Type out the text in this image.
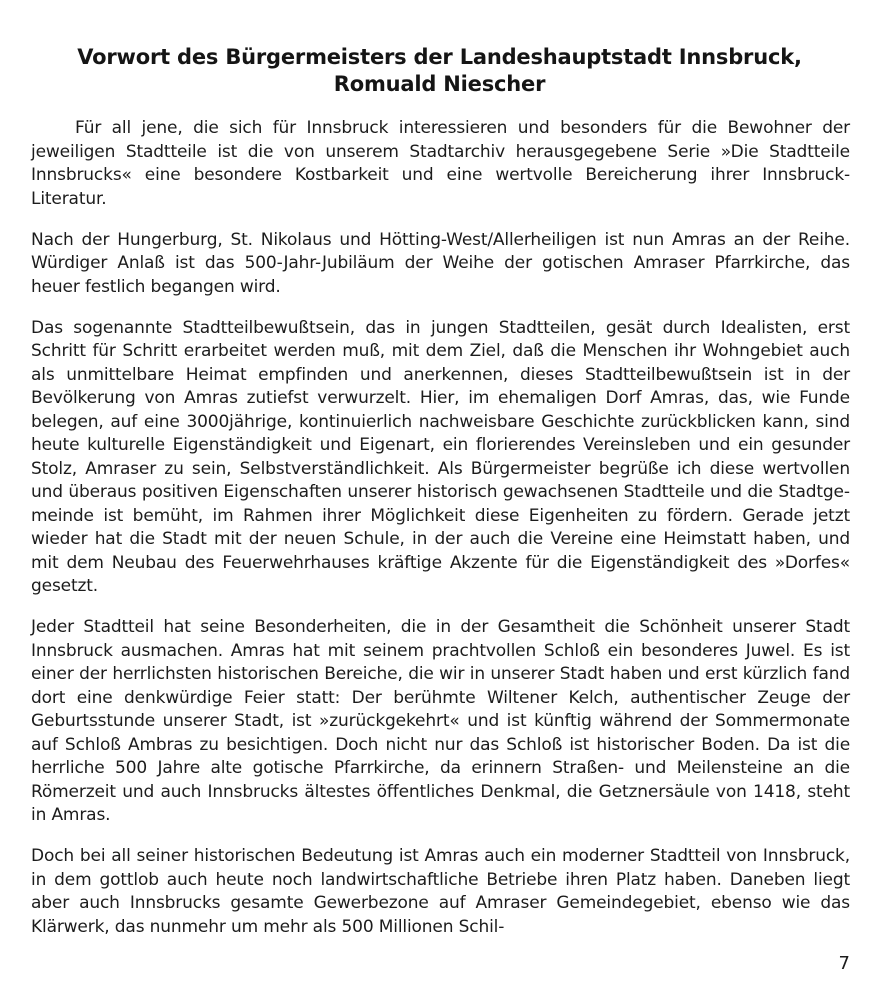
Vorwort des Bürgermeisters der Landeshauptstadt Innsbruck,
Romuald Niescher

Für all jene, die sich für Innsbruck interessieren und besonders für die Bewohner der jeweiligen Stadtteile ist die von unserem Stadtarchiv herausgegebene Serie »Die Stadtteile Innsbrucks« eine besondere Kostbarkeit und eine wertvolle Bereicherung ihrer Innsbruck-Literatur.

Nach der Hungerburg, St. Nikolaus und Hötting-West/Allerheiligen ist nun Amras an der Reihe. Würdiger Anlaß ist das 500-Jahr-Jubiläum der Weihe der gotischen Amraser Pfarrkirche, das heuer festlich begangen wird.

Das sogenannte Stadtteilbewußtsein, das in jungen Stadtteilen, gesät durch Idealisten, erst Schritt für Schritt erarbeitet werden muß, mit dem Ziel, daß die Menschen ihr Wohngebiet auch als unmittelbare Heimat empfinden und anerkennen, dieses Stadtteilbewußtsein ist in der Bevölkerung von Amras zutiefst verwurzelt. Hier, im ehemaligen Dorf Amras, das, wie Funde belegen, auf eine 3000jährige, kontinuierlich nachweisbare Geschichte zurückblicken kann, sind heute kulturelle Eigenständigkeit und Eigenart, ein florierendes Vereinsleben und ein gesunder Stolz, Amraser zu sein, Selbstverständlichkeit. Als Bürgermeister begrüße ich diese wertvollen und überaus positiven Eigenschaften unserer historisch gewachsenen Stadtteile und die Stadtgemeinde ist bemüht, im Rahmen ihrer Möglichkeit diese Eigenheiten zu fördern. Gerade jetzt wieder hat die Stadt mit der neuen Schule, in der auch die Vereine eine Heimstatt haben, und mit dem Neubau des Feuerwehrhauses kräftige Akzente für die Eigenständigkeit des »Dorfes« gesetzt.

Jeder Stadtteil hat seine Besonderheiten, die in der Gesamtheit die Schönheit unserer Stadt Innsbruck ausmachen. Amras hat mit seinem prachtvollen Schloß ein besonderes Juwel. Es ist einer der herrlichsten historischen Bereiche, die wir in unserer Stadt haben und erst kürzlich fand dort eine denkwürdige Feier statt: Der berühmte Wiltener Kelch, authentischer Zeuge der Geburtsstunde unserer Stadt, ist »zurückgekehrt« und ist künftig während der Sommermonate auf Schloß Ambras zu besichtigen. Doch nicht nur das Schloß ist historischer Boden. Da ist die herrliche 500 Jahre alte gotische Pfarrkirche, da erinnern Straßen- und Meilensteine an die Römerzeit und auch Innsbrucks ältestes öffentliches Denkmal, die Getznersäule von 1418, steht in Amras.

Doch bei all seiner historischen Bedeutung ist Amras auch ein moderner Stadtteil von Innsbruck, in dem gottlob auch heute noch landwirtschaftliche Betriebe ihren Platz haben. Daneben liegt aber auch Innsbrucks gesamte Gewerbezone auf Amraser Gemeindegebiet, ebenso wie das Klärwerk, das nunmehr um mehr als 500 Millionen Schil-

7
